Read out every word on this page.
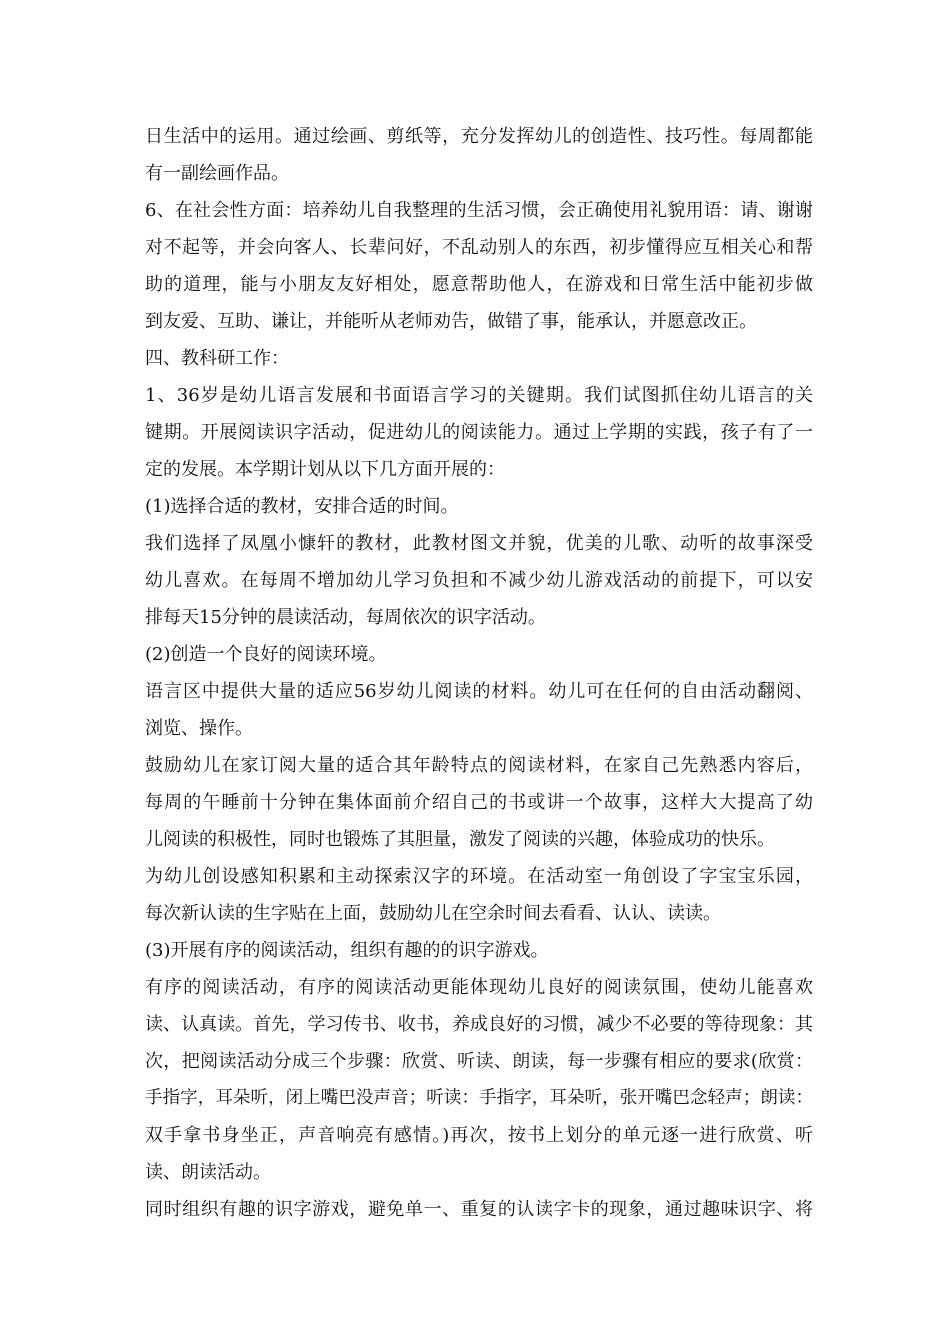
日生活中的运用。通过绘画、剪纸等，充分发挥幼儿的创造性、技巧性。每周都能
有一副绘画作品。
6、在社会性方面：培养幼儿自我整理的生活习惯，会正确使用礼貌用语：请、谢谢
对不起等，并会向客人、长辈问好，不乱动别人的东西，初步懂得应互相关心和帮
助的道理，能与小朋友友好相处，愿意帮助他人，在游戏和日常生活中能初步做
到友爱、互助、谦让，并能听从老师劝告，做错了事，能承认，并愿意改正。
四、教科研工作：
1、36岁是幼儿语言发展和书面语言学习的关键期。我们试图抓住幼儿语言的关
键期。开展阅读识字活动，促进幼儿的阅读能力。通过上学期的实践，孩子有了一
定的发展。本学期计划从以下几方面开展的：
(1)选择合适的教材，安排合适的时间。
我们选择了凤凰小慷轩的教材，此教材图文并貌，优美的儿歌、动听的故事深受
幼儿喜欢。在每周不增加幼儿学习负担和不减少幼儿游戏活动的前提下，可以安
排每天15分钟的晨读活动，每周依次的识字活动。
(2)创造一个良好的阅读环境。
语言区中提供大量的适应56岁幼儿阅读的材料。幼儿可在任何的自由活动翻阅、
浏览、操作。
鼓励幼儿在家订阅大量的适合其年龄特点的阅读材料，在家自己先熟悉内容后，
每周的午睡前十分钟在集体面前介绍自己的书或讲一个故事，这样大大提高了幼
儿阅读的积极性，同时也锻炼了其胆量，激发了阅读的兴趣，体验成功的快乐。
为幼儿创设感知积累和主动探索汉字的环境。在活动室一角创设了字宝宝乐园，
每次新认读的生字贴在上面，鼓励幼儿在空余时间去看看、认认、读读。
(3)开展有序的阅读活动，组织有趣的的识字游戏。
有序的阅读活动，有序的阅读活动更能体现幼儿良好的阅读氛围，使幼儿能喜欢
读、认真读。首先，学习传书、收书，养成良好的习惯，减少不必要的等待现象：其
次，把阅读活动分成三个步骤：欣赏、听读、朗读，每一步骤有相应的要求(欣赏：
手指字，耳朵听，闭上嘴巴没声音；听读：手指字，耳朵听，张开嘴巴念轻声；朗读：
双手拿书身坐正，声音响亮有感情。)再次，按书上划分的单元逐一进行欣赏、听
读、朗读活动。
同时组织有趣的识字游戏，避免单一、重复的认读字卡的现象，通过趣味识字、将
